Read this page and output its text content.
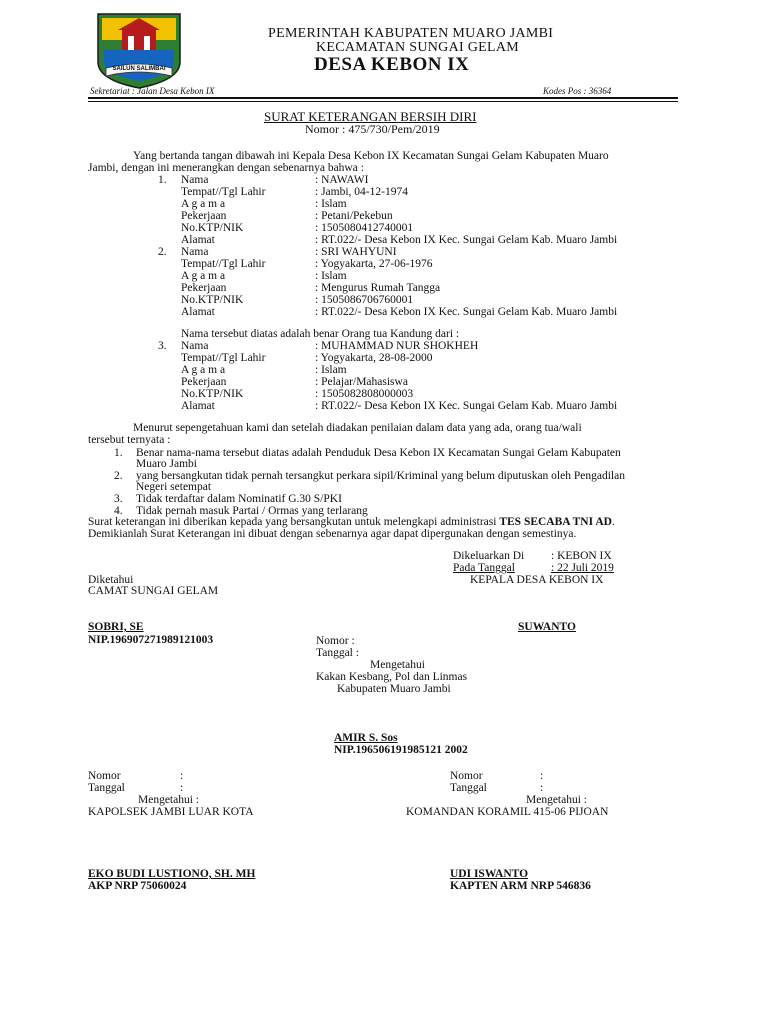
SAILUN SALIMBAI
PEMERINTAH KABUPATEN MUARO JAMBI
KECAMATAN SUNGAI GELAM
DESA KEBON IX
Sekretariat : Jalan Desa Kebon IX	Kodes Pos : 36364
SURAT KETERANGAN BERSIH DIRI
Nomor : 475/730/Pem/2019
Yang bertanda tangan dibawah ini Kepala Desa Kebon IX Kecamatan Sungai Gelam Kabupaten Muaro
Jambi, dengan ini menerangkan dengan sebenarnya bahwa :
1. Nama	: NAWAWI
Tempat//Tgl Lahir	: Jambi, 04-12-1974
A g a m a	: Islam
Pekerjaan	: Petani/Pekebun
No.KTP/NIK	: 1505080412740001
Alamat	: RT.022/- Desa Kebon IX Kec. Sungai Gelam Kab. Muaro Jambi
2. Nama	: SRI WAHYUNI
Tempat//Tgl Lahir	: Yogyakarta, 27-06-1976
A g a m a	: Islam
Pekerjaan	: Mengurus Rumah Tangga
No.KTP/NIK	: 1505086706760001
Alamat	: RT.022/- Desa Kebon IX Kec. Sungai Gelam Kab. Muaro Jambi
Nama tersebut diatas adalah benar Orang tua Kandung dari :
3. Nama	: MUHAMMAD NUR SHOKHEH
Tempat//Tgl Lahir	: Yogyakarta, 28-08-2000
A g a m a	: Islam
Pekerjaan	: Pelajar/Mahasiswa
No.KTP/NIK	: 1505082808000003
Alamat	: RT.022/- Desa Kebon IX Kec. Sungai Gelam Kab. Muaro Jambi
Menurut sepengetahuan kami dan setelah diadakan penilaian dalam data yang ada, orang tua/wali
tersebut ternyata :
1. Benar nama-nama tersebut diatas adalah Penduduk Desa Kebon IX Kecamatan Sungai Gelam Kabupaten
Muaro Jambi
2. yang bersangkutan tidak pernah tersangkut perkara sipil/Kriminal yang belum diputuskan oleh Pengadilan
Negeri setempat
3. Tidak terdaftar dalam Nominatif G.30 S/PKI
4. Tidak pernah masuk Partai / Ormas yang terlarang
Surat keterangan ini diberikan kepada yang bersangkutan untuk melengkapi administrasi TES SECABA TNI AD.
Demikianlah Surat Keterangan ini dibuat dengan sebenarnya agar dapat dipergunakan dengan semestinya.
Dikeluarkan Di : KEBON IX
Pada Tanggal	: 22 Juli 2019
KEPALA DESA KEBON IX
Diketahui
CAMAT SUNGAI GELAM
SOBRI, SE
NIP.196907271989121003
SUWANTO
Nomor :
Tanggal :
Mengetahui
Kakan Kesbang, Pol dan Linmas
Kabupaten Muaro Jambi
AMIR S. Sos
NIP.196506191985121 2002
Nomor	:
Tanggal	:
Mengetahui :
KAPOLSEK JAMBI LUAR KOTA
EKO BUDI LUSTIONO, SH. MH
AKP NRP 75060024
Nomor	:
Tanggal	:
Mengetahui :
KOMANDAN KORAMIL 415-06 PIJOAN
UDI ISWANTO
KAPTEN ARM NRP 546836
